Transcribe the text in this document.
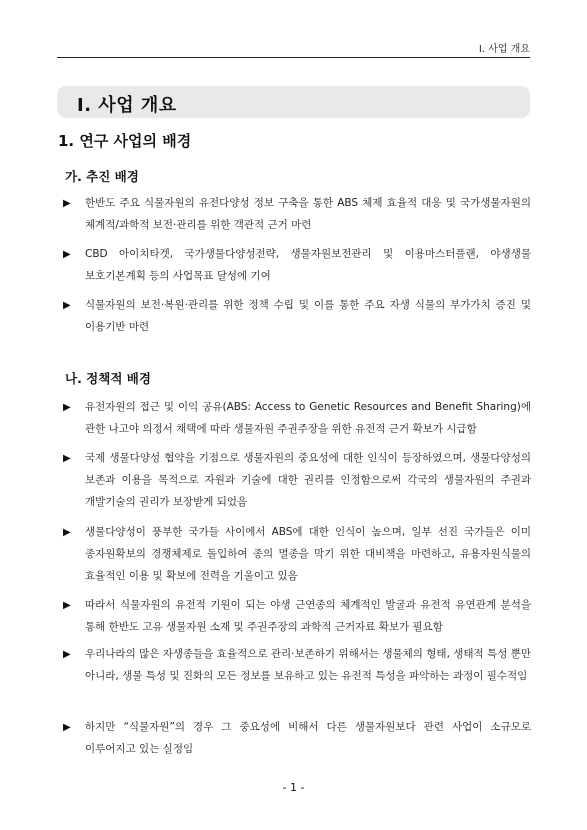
I. 사업 개요
Ⅰ. 사업 개요
1. 연구 사업의 배경
가. 추진 배경
▶ 한반도 주요 식물자원의 유전다양성 정보 구축을 통한 ABS 체제 효율적 대응 및 국가생물자원의 체계적/과학적 보전·관리를 위한 객관적 근거 마련
▶ CBD 아이치타겟, 국가생물다양성전략, 생물자원보전관리 및 이용마스터플랜, 야생생물 보호기본계획 등의 사업목표 달성에 기여
▶ 식물자원의 보전·복원·관리를 위한 정책 수립 및 이를 통한 주요 자생 식물의 부가가치 증진 및 이용기반 마련
나. 정책적 배경
▶ 유전자원의 접근 및 이익 공유(ABS: Access to Genetic Resources and Benefit Sharing)에 관한 나고야 의정서 채택에 따라 생물자원 주권주장을 위한 유전적 근거 확보가 시급함
▶ 국제 생물다양성 협약을 기점으로 생물자원의 중요성에 대한 인식이 등장하였으며, 생물다양성의 보존과 이용을 목적으로 자원과 기술에 대한 권리를 인정함으로써 각국의 생물자원의 주권과 개발기술의 권리가 보장받게 되었음
▶ 생물다양성이 풍부한 국가들 사이에서 ABS에 대한 인식이 높으며, 일부 선진 국가들은 이미 종자원확보의 경쟁체제로 돌입하여 종의 멸종을 막기 위한 대비책을 마련하고, 유용자원식물의 효율적인 이용 및 확보에 전력을 기울이고 있음
▶ 따라서 식물자원의 유전적 기원이 되는 야생 근연종의 체계적인 발굴과 유전적 유연관계 분석을 통해 한반도 고유 생물자원 소재 및 주권주장의 과학적 근거자료 확보가 필요함
▶ 우리나라의 많은 자생종들을 효율적으로 관리·보존하기 위해서는 생물체의 형태, 생태적 특성 뿐만 아니라, 생물 특성 및 진화의 모든 정보를 보유하고 있는 유전적 특성을 파악하는 과정이 필수적임
▶ 하지만 “식물자원”의 경우 그 중요성에 비해서 다른 생물자원보다 관련 사업이 소규모로 이루어지고 있는 실정임
- 1 -
